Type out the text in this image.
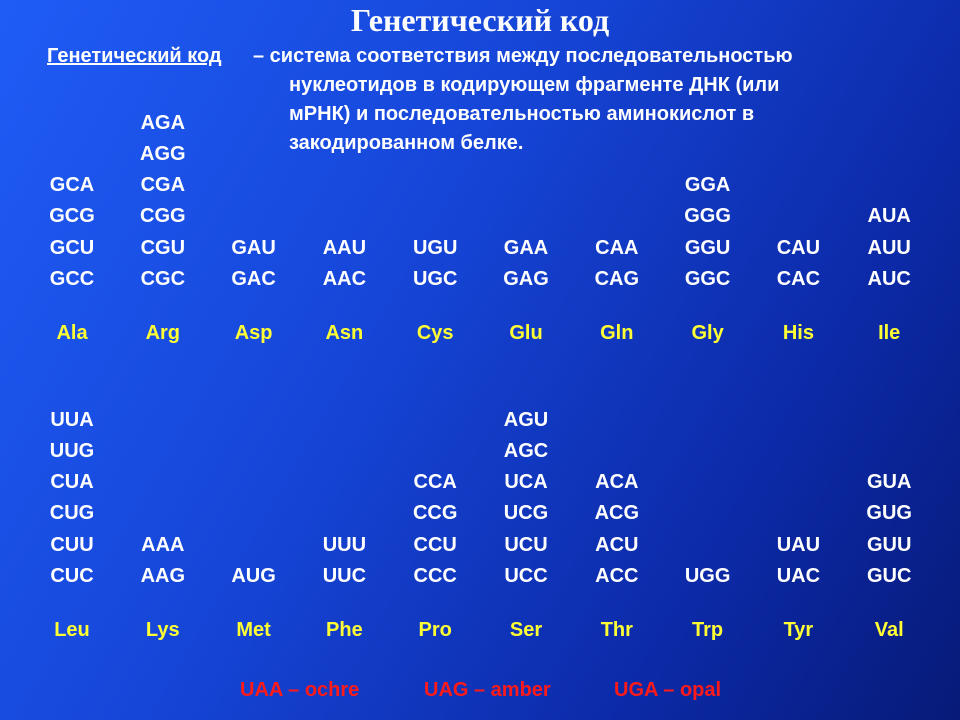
Генетический код
Генетический код – система соответствия между последовательностью
нуклеотидов в кодирующем фрагменте ДНК (или
мРНК) и последовательностью аминокислот в
закодированном белке.
GCA
GCG
GCU
GCC
Ala
AGA
AGG
CGA
CGG
CGU
CGC
Arg
GAU
GAC
Asp
AAU
AAC
Asn
UGU
UGC
Cys
GAA
GAG
Glu
CAA
CAG
Gln
GGA
GGG
GGU
GGC
Gly
CAU
CAC
His
AUA
AUU
AUC
Ile
UUA
UUG
CUA
CUG
CUU
CUC
Leu
AAA
AAG
Lys
AUG
Met
UUU
UUC
Phe
CCA
CCG
CCU
CCC
Pro
AGU
AGC
UCA
UCG
UCU
UCC
Ser
ACA
ACG
ACU
ACC
Thr
UGG
Trp
UAU
UAC
Tyr
GUA
GUG
GUU
GUC
Val
UAA – ochre	UAG – amber	UGA – opal
